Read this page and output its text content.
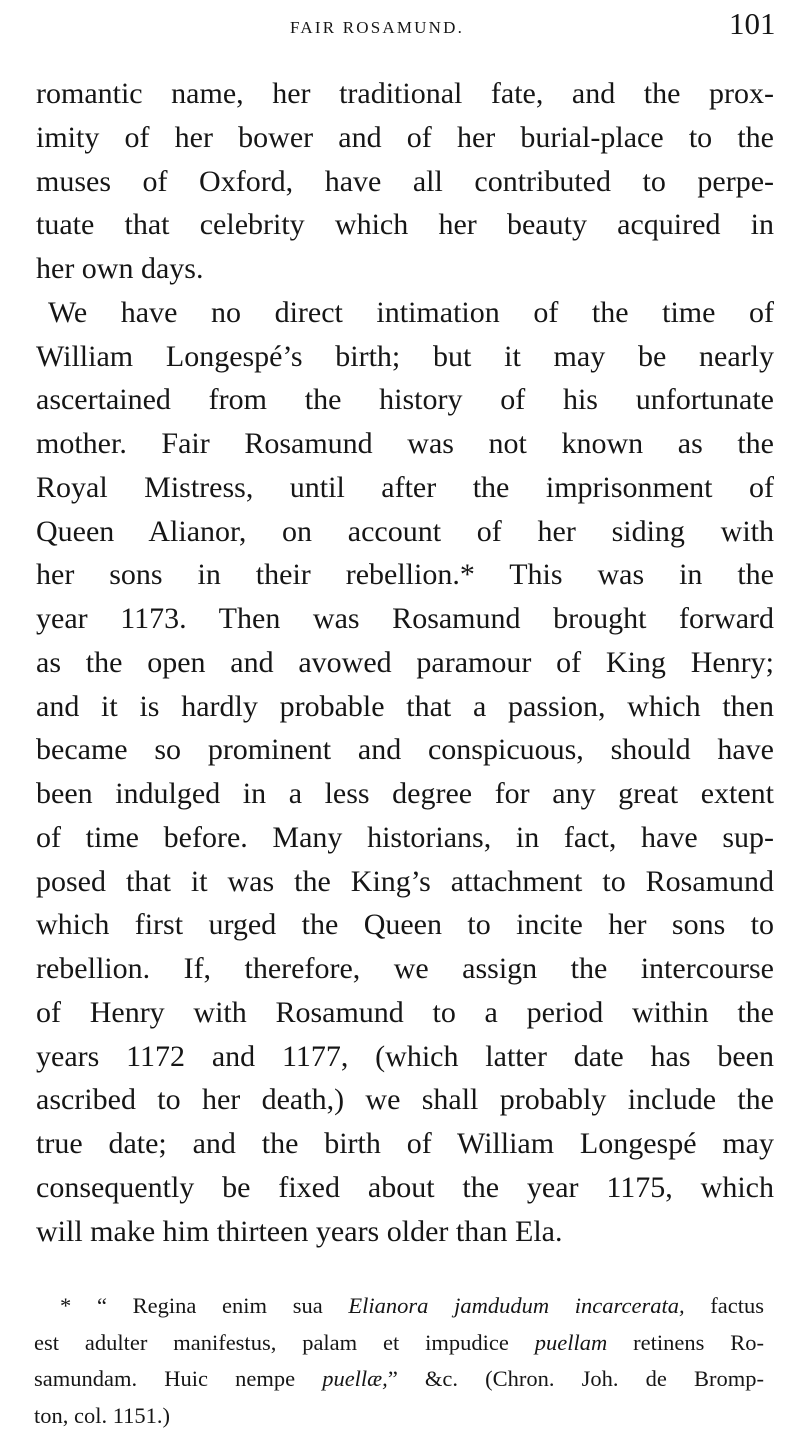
FAIR ROSAMUND.	101
romantic name, her traditional fate, and the prox-
imity of her bower and of her burial-place to the
muses of Oxford, have all contributed to perpe-
tuate that celebrity which her beauty acquired in
her own days.
We have no direct intimation of the time of
William Longespé’s birth; but it may be nearly
ascertained from the history of his unfortunate
mother. Fair Rosamund was not known as the
Royal Mistress, until after the imprisonment of
Queen Alianor, on account of her siding with
her sons in their rebellion.* This was in the
year 1173. Then was Rosamund brought forward
as the open and avowed paramour of King Henry;
and it is hardly probable that a passion, which then
became so prominent and conspicuous, should have
been indulged in a less degree for any great extent
of time before. Many historians, in fact, have sup-
posed that it was the King’s attachment to Rosamund
which first urged the Queen to incite her sons to
rebellion. If, therefore, we assign the intercourse
of Henry with Rosamund to a period within the
years 1172 and 1177, (which latter date has been
ascribed to her death,) we shall probably include the
true date; and the birth of William Longespé may
consequently be fixed about the year 1175, which
will make him thirteen years older than Ela.
* “ Regina enim sua Elianora jamdudum incarcerata, factus
est adulter manifestus, palam et impudice puellam retinens Ro-
samundam. Huic nempe puellæ,” &c. (Chron. Joh. de Bromp-
ton, col. 1151.)
